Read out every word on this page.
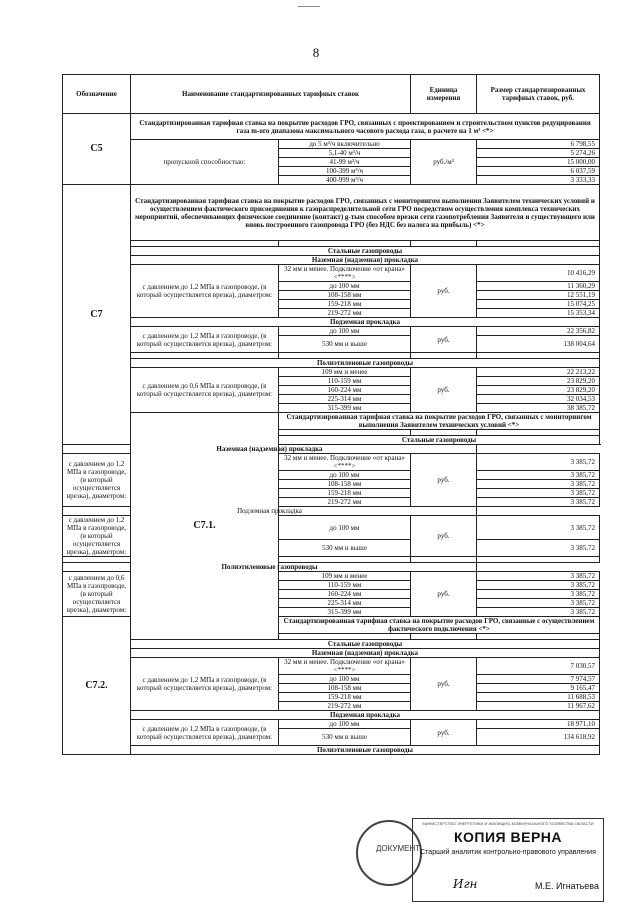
8
Обозначение	Наименование стандартизированных тарифных ставок		Единица измерения	Размер стандартизированных тарифных ставок, руб.	
С5	Стандартизированная тарифная ставка на покрытие расходов ГРО, связанных с проектированием и строительством пунктов редуцирования газа m-ого диапазона максимального часового расхода газа, в расчете на 1 м³ <*>				
	пропускной способностью:	до 5 м³/ч включительно	руб./м³	6 798,55	
		5,1-40 м³/ч		5 274,26	
		41-99 м³/ч		15 000,00	
		100-399 м³/ч		6 037,59	
		400-999 м³/ч		3 333,33	
С7	Стандартизированная тарифная ставка на покрытие расходов ГРО, связанных с мониторингом выполнения Заявителем технических условий и осуществлением фактического присоединения к газораспределительной сети ГРО посредством осуществления комплекса технических мероприятий, обеспечивающих физическое соединение (контакт) g-тым способом врезки сети газопотребления Заявителя и существующего или вновь построенного газопровода ГРО (без НДС без налога на прибыль) <*>				

	Стальные газопроводы				
	Наземная (надземная) прокладка				
	с давлением до 1,2 МПа в газопроводе, (в который осуществляется врезка), диаметром:	32 мм и менее. Подключение «от крана» <****>	руб.	10 416,29	
		до 100 мм		11 360,29	
		108-158 мм		12 551,19	
		159-218 мм		15 074,25	
		219-272 мм		15 353,34	
	Подземная прокладка				
	с давлением до 1,2 МПа в газопроводе, (в который осуществляется врезка), диаметром:	до 100 мм	руб.	22 356,82	
		530 мм и выше		138 004,64	

	Полиэтиленовые газопроводы				
	с давлением до 0,6 МПа в газопроводе, (в который осуществляется врезка), диаметром:	109 мм и менее	руб.	22 213,22	
		110-159 мм		23 829,20	
		160-224 мм		23 829,20	
		225-314 мм		32 034,53	
		315-399 мм		38 385,72	
	С7.1.	Стандартизированная тарифная ставка на покрытие расходов ГРО, связанных с мониторингом выполнения Заявителем технических условий <*>			

		Стальные газопроводы			
Наземная (надземная) прокладка					
с давлением до 1,2 МПа в газопроводе, (в который осуществляется врезка), диаметром:		32 мм и менее. Подключение «от крана» <****>	руб.	3 385,72	
		до 100 мм		3 385,72	
		108-158 мм		3 385,72	
		159-218 мм		3 385,72	
		219-272 мм		3 385,72	
Подземная прокладка					
с давлением до 1,2 МПа в газопроводе, (в который осуществляется врезка), диаметром:		до 100 мм	руб.	3 385,72	
		530 мм и выше		3 385,72	

Полиэтиленовые газопроводы					
с давлением до 0,6 МПа в газопроводе, (в который осуществляется врезка), диаметром:		109 мм и менее	руб.	3 385,72	
		110-159 мм		3 385,72	
		160-224 мм		3 385,72	
		225-314 мм		3 385,72	
		315-399 мм		3 385,72	
С7.2.		Стандартизированная тарифная ставка на покрытие расходов ГРО, связанные с осуществлением фактического подключения <*>			

	Стальные газопроводы				
	Наземная (надземная) прокладка				
	с давлением до 1,2 МПа в газопроводе, (в который осуществляется врезка), диаметром:	32 мм и менее. Подключение «от крана» <****>	руб.	7 030,57	
		до 100 мм		7 974,57	
		108-158 мм		9 165,47	
		159-218 мм		11 688,53	
		219-272 мм		11 967,62	
	Подземная прокладка				
	с давлением до 1,2 МПа в газопроводе, (в который осуществляется врезка), диаметром:	до 100 мм	руб.	18 971,10	
		530 мм и выше		134 618,92	
	Полиэтиленовые газопроводы				
ДОКУМЕНТ
МИНИСТЕРСТВО ЭНЕРГЕТИКИ И ЖИЛИЩНО-КОММУНАЛЬНОГО ХОЗЯЙСТВА ОБЛАСТИ
КОПИЯ ВЕРНА
Старший аналитик контрольно-правового управления
Игн	М.Е. Игнатьева
